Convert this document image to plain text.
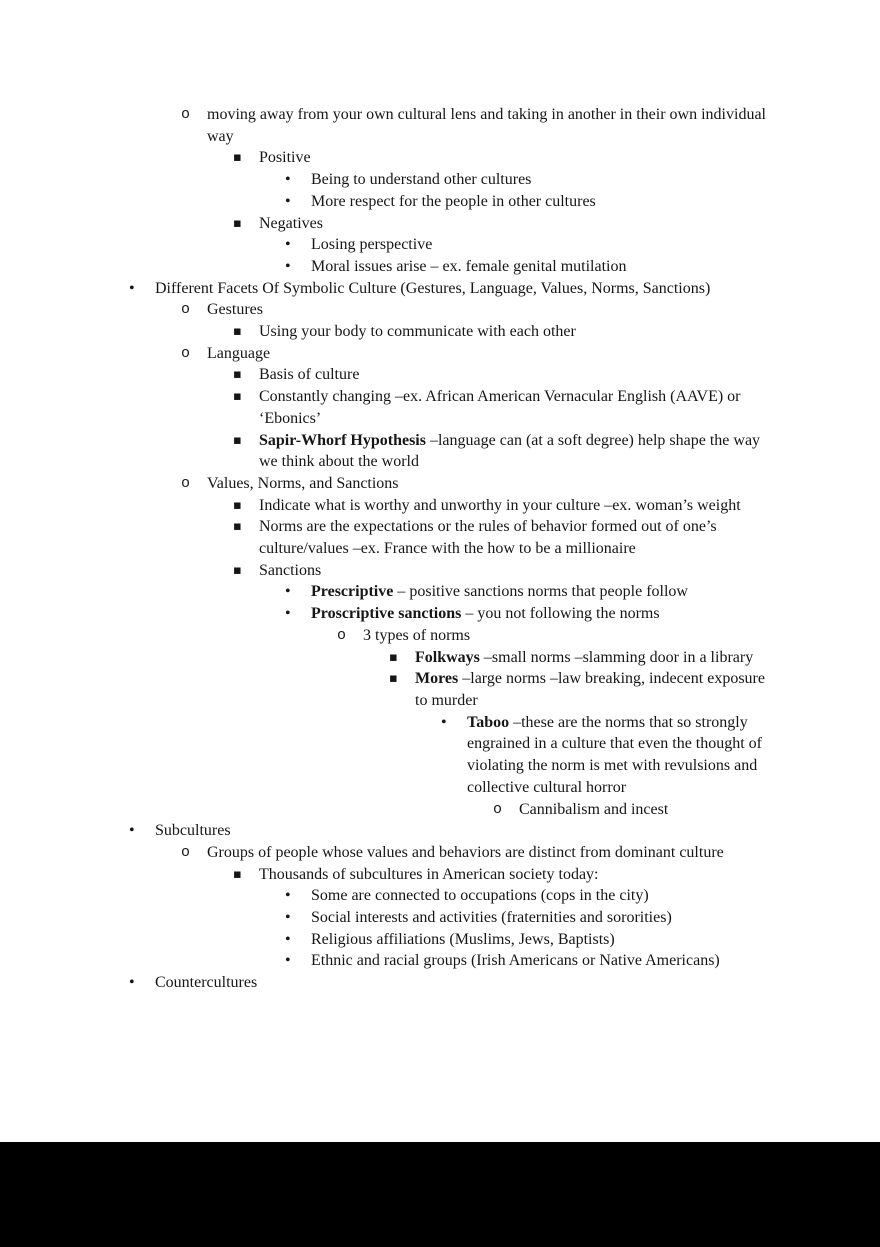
o moving away from your own cultural lens and taking in another in their own individual way
▪ Positive
• Being to understand other cultures
• More respect for the people in other cultures
▪ Negatives
• Losing perspective
• Moral issues arise – ex. female genital mutilation
• Different Facets Of Symbolic Culture (Gestures, Language, Values, Norms, Sanctions)
o Gestures
▪ Using your body to communicate with each other
o Language
▪ Basis of culture
▪ Constantly changing –ex. African American Vernacular English (AAVE) or ‘Ebonics’
▪ Sapir-Whorf Hypothesis –language can (at a soft degree) help shape the way we think about the world
o Values, Norms, and Sanctions
▪ Indicate what is worthy and unworthy in your culture –ex. woman’s weight
▪ Norms are the expectations or the rules of behavior formed out of one’s culture/values –ex. France with the how to be a millionaire
▪ Sanctions
• Prescriptive – positive sanctions norms that people follow
• Proscriptive sanctions – you not following the norms
o 3 types of norms
▪ Folkways –small norms –slamming door in a library
▪ Mores –large norms –law breaking, indecent exposure to murder
• Taboo –these are the norms that so strongly engrained in a culture that even the thought of violating the norm is met with revulsions and collective cultural horror
o Cannibalism and incest
• Subcultures
o Groups of people whose values and behaviors are distinct from dominant culture
▪ Thousands of subcultures in American society today:
• Some are connected to occupations (cops in the city)
• Social interests and activities (fraternities and sororities)
• Religious affiliations (Muslims, Jews, Baptists)
• Ethnic and racial groups (Irish Americans or Native Americans)
• Countercultures
